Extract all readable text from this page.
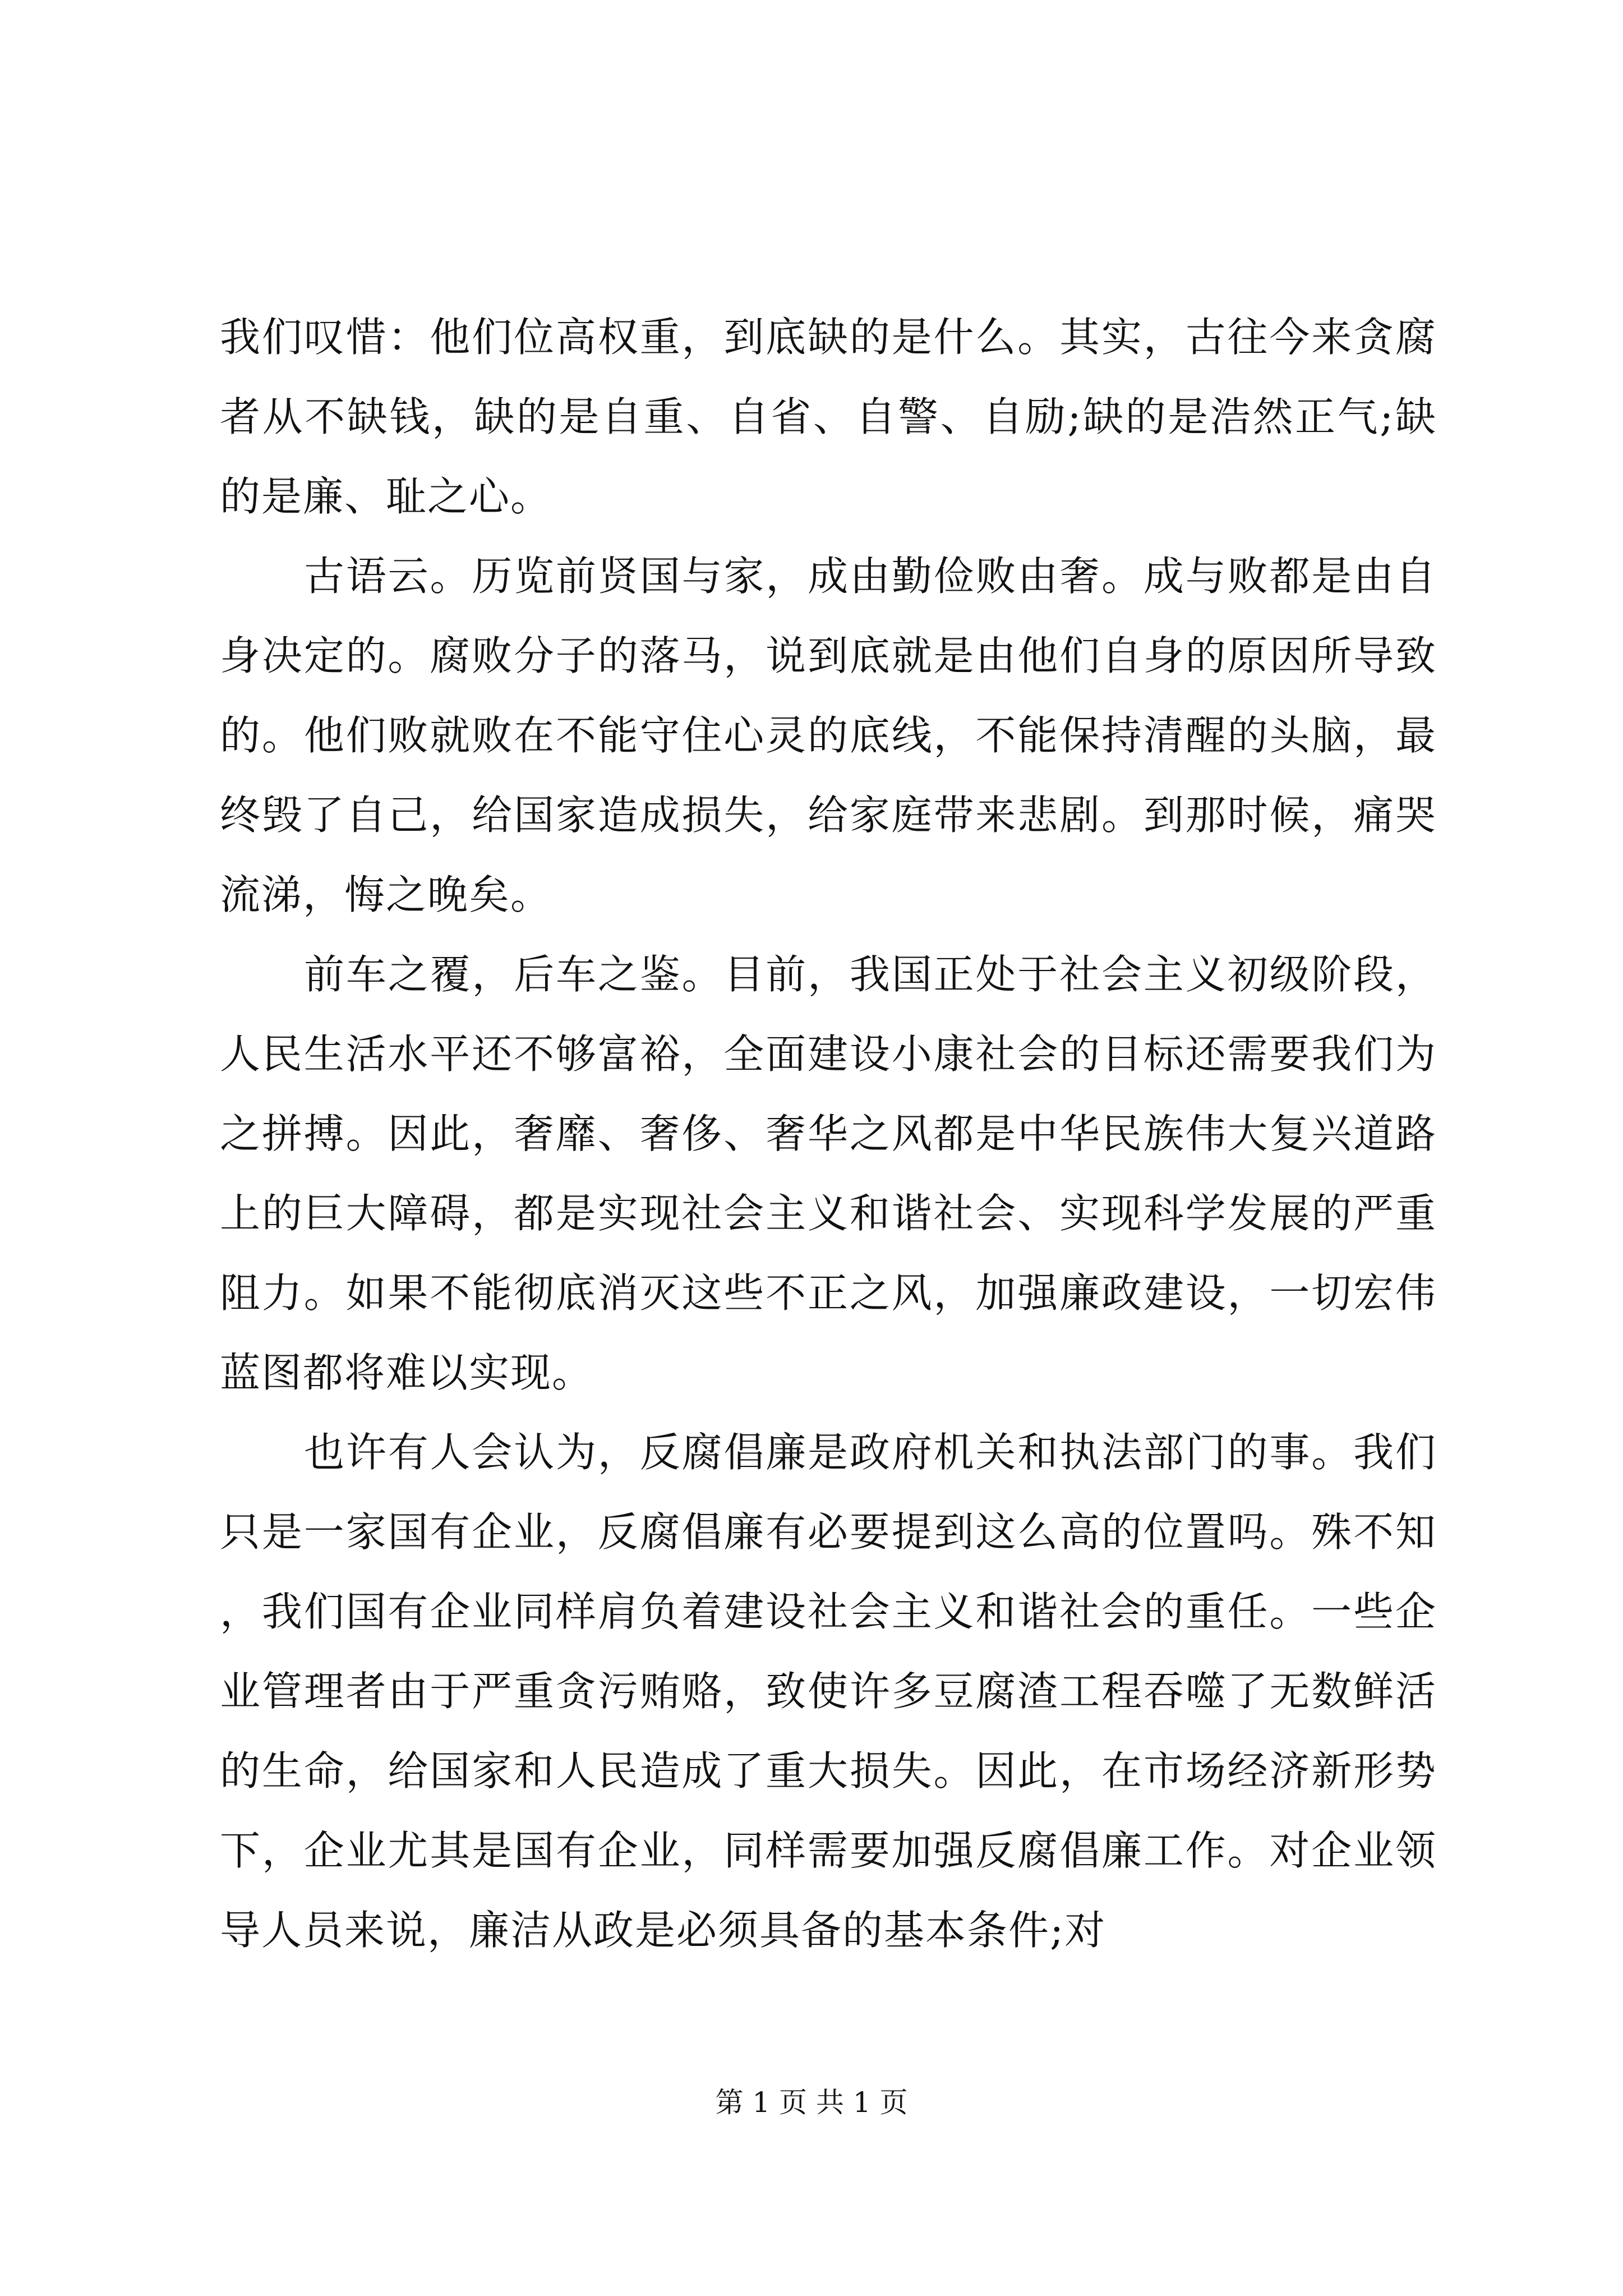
我们叹惜：他们位高权重，到底缺的是什么。其实，古往今来贪腐者从不缺钱，缺的是自重、自省、自警、自励;缺的是浩然正气;缺的是廉、耻之心。

古语云。历览前贤国与家，成由勤俭败由奢。成与败都是由自身决定的。腐败分子的落马，说到底就是由他们自身的原因所导致的。他们败就败在不能守住心灵的底线，不能保持清醒的头脑，最终毁了自己，给国家造成损失，给家庭带来悲剧。到那时候，痛哭流涕，悔之晚矣。

前车之覆，后车之鉴。目前，我国正处于社会主义初级阶段，人民生活水平还不够富裕，全面建设小康社会的目标还需要我们为之拼搏。因此，奢靡、奢侈、奢华之风都是中华民族伟大复兴道路上的巨大障碍，都是实现社会主义和谐社会、实现科学发展的严重阻力。如果不能彻底消灭这些不正之风，加强廉政建设，一切宏伟蓝图都将难以实现。

也许有人会认为，反腐倡廉是政府机关和执法部门的事。我们只是一家国有企业，反腐倡廉有必要提到这么高的位置吗。殊不知，我们国有企业同样肩负着建设社会主义和谐社会的重任。一些企业管理者由于严重贪污贿赂，致使许多豆腐渣工程吞噬了无数鲜活的生命，给国家和人民造成了重大损失。因此，在市场经济新形势下，企业尤其是国有企业，同样需要加强反腐倡廉工作。对企业领导人员来说，廉洁从政是必须具备的基本条件;对

第 1 页 共 1 页
